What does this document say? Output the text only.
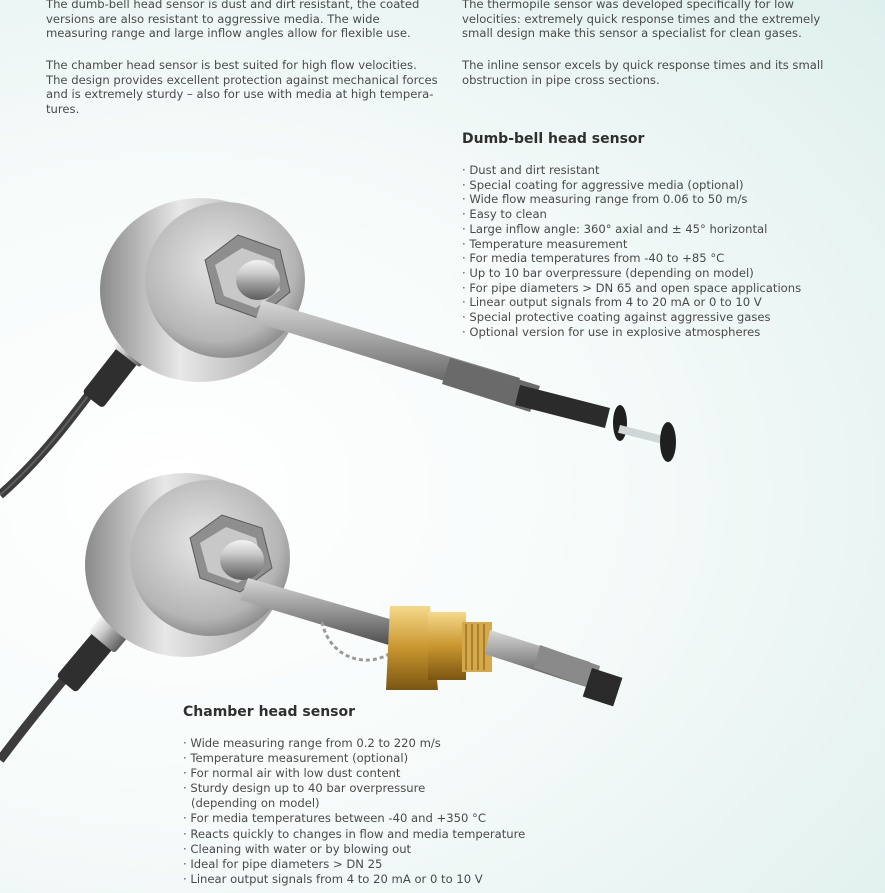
The dumb-bell head sensor is dust and dirt resistant, the coated
versions are also resistant to aggressive media. The wide
measuring range and large inflow angles allow for flexible use.

The chamber head sensor is best suited for high flow velocities.
The design provides excellent protection against mechanical forces
and is extremely sturdy – also for use with media at high tempera-
tures.

The thermopile sensor was developed specifically for low
velocities: extremely quick response times and the extremely
small design make this sensor a specialist for clean gases.

The inline sensor excels by quick response times and its small
obstruction in pipe cross sections.

Dumb-bell head sensor
· Dust and dirt resistant
· Special coating for aggressive media (optional)
· Wide flow measuring range from 0.06 to 50 m/s
· Easy to clean
· Large inflow angle: 360° axial and ± 45° horizontal
· Temperature measurement
· For media temperatures from -40 to +85 °C
· Up to 10 bar overpressure (depending on model)
· For pipe diameters > DN 65 and open space applications
· Linear output signals from 4 to 20 mA or 0 to 10 V
· Special protective coating against aggressive gases
· Optional version for use in explosive atmospheres
Chamber head sensor
· Wide measuring range from 0.2 to 220 m/s
· Temperature measurement (optional)
· For normal air with low dust content
· Sturdy design up to 40 bar overpressure
(depending on model)
· For media temperatures between -40 and +350 °C
· Reacts quickly to changes in flow and media temperature
· Cleaning with water or by blowing out
· Ideal for pipe diameters > DN 25
· Linear output signals from 4 to 20 mA or 0 to 10 V
